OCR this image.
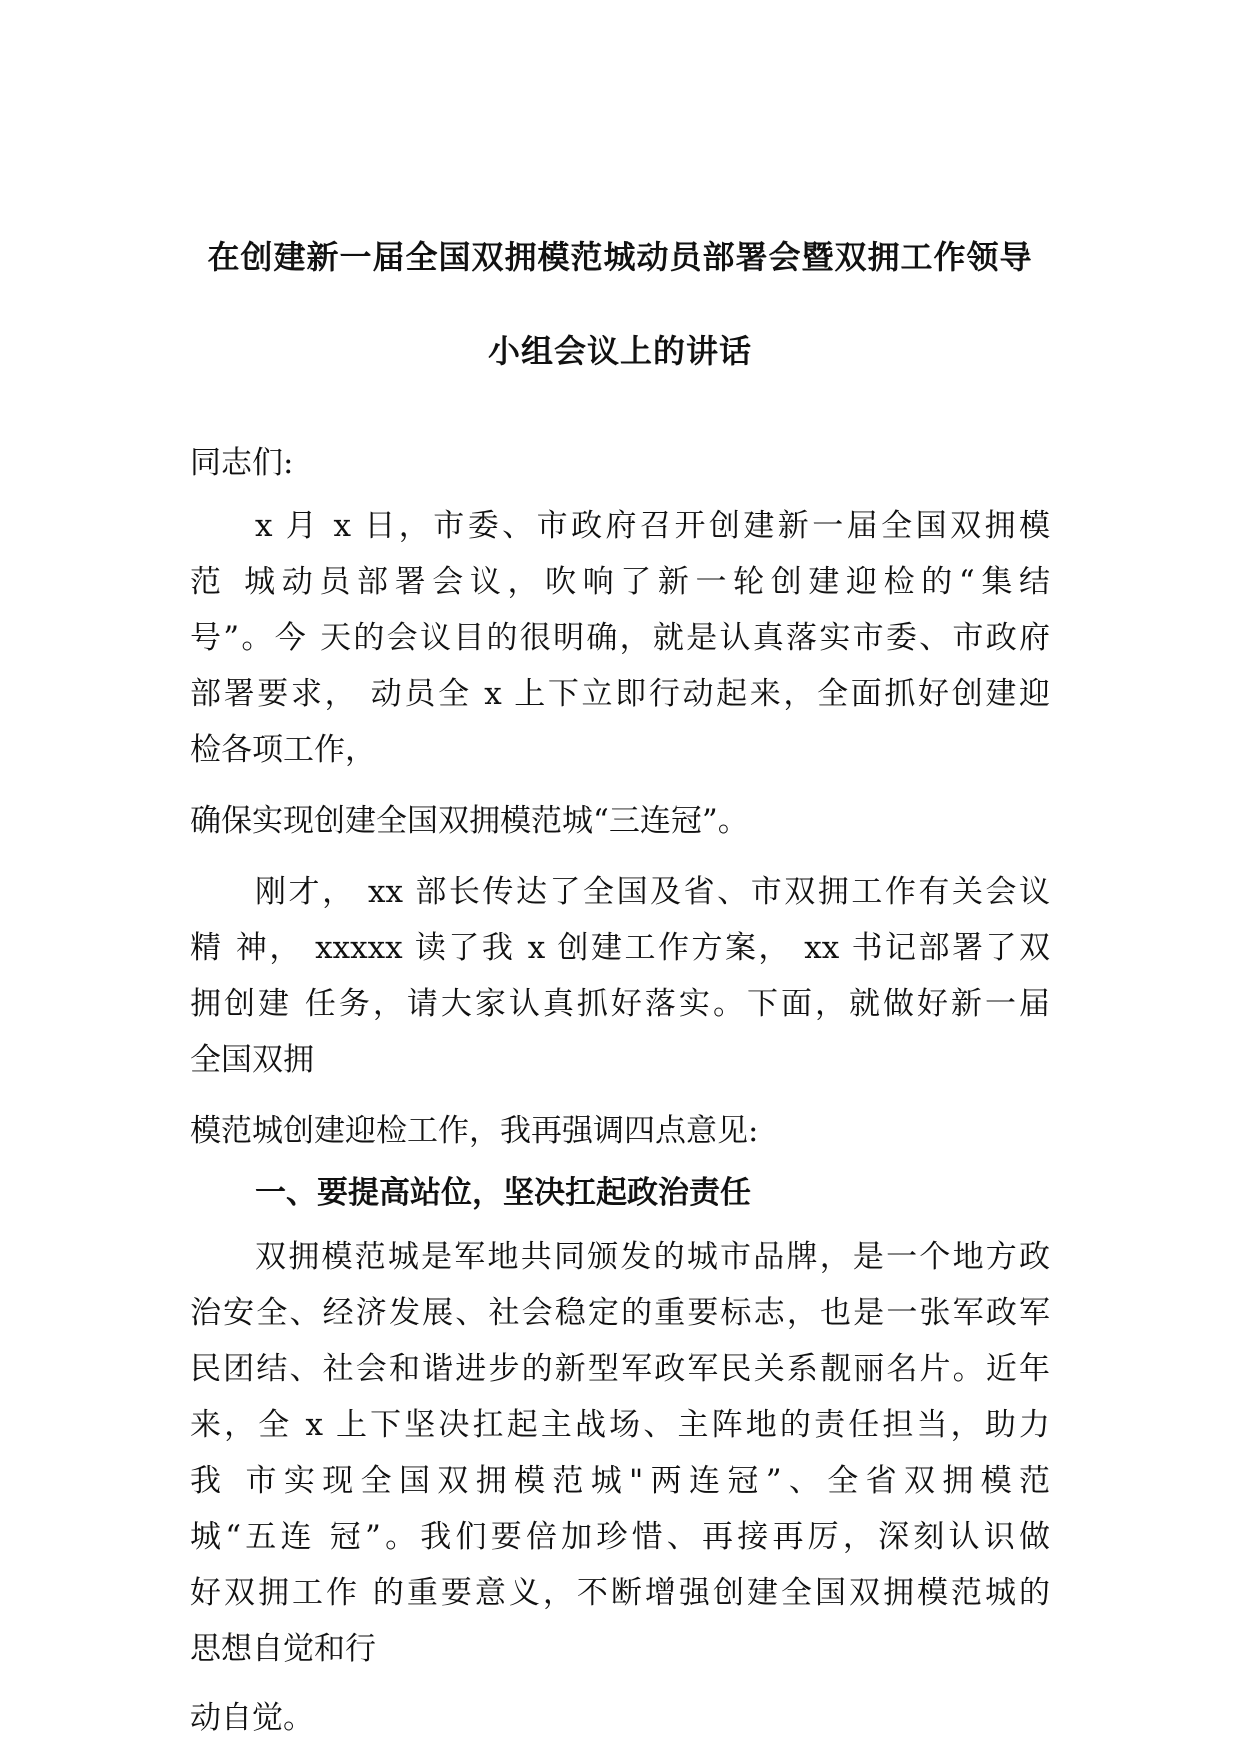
在创建新一届全国双拥模范城动员部署会暨双拥工作领导
小组会议上的讲话
同志们:
x 月 x 日，市委、市政府召开创建新一届全国双拥模
范 城动员部署会议，吹响了新一轮创建迎检的“集结
号”。今 天的会议目的很明确，就是认真落实市委、市政府
部署要求， 动员全 x 上下立即行动起来，全面抓好创建迎
检各项工作，
确保实现创建全国双拥模范城“三连冠”。
刚才， xx 部长传达了全国及省、市双拥工作有关会议
精 神， xxxxx 读了我 x 创建工作方案， xx 书记部署了双
拥创建 任务，请大家认真抓好落实。下面，就做好新一届
全国双拥
模范城创建迎检工作，我再强调四点意见:
一、要提高站位，坚决扛起政治责任
双拥模范城是军地共同颁发的城市品牌，是一个地方政
治安全、经济发展、社会稳定的重要标志，也是一张军政军
民团结、社会和谐进步的新型军政军民关系靓丽名片。近年
来，全 x 上下坚决扛起主战场、主阵地的责任担当，助力
我 市实现全国双拥模范城"两连冠”、全省双拥模范
城“五连 冠”。我们要倍加珍惜、再接再厉，深刻认识做
好双拥工作 的重要意义，不断增强创建全国双拥模范城的
思想自觉和行
动自觉。
